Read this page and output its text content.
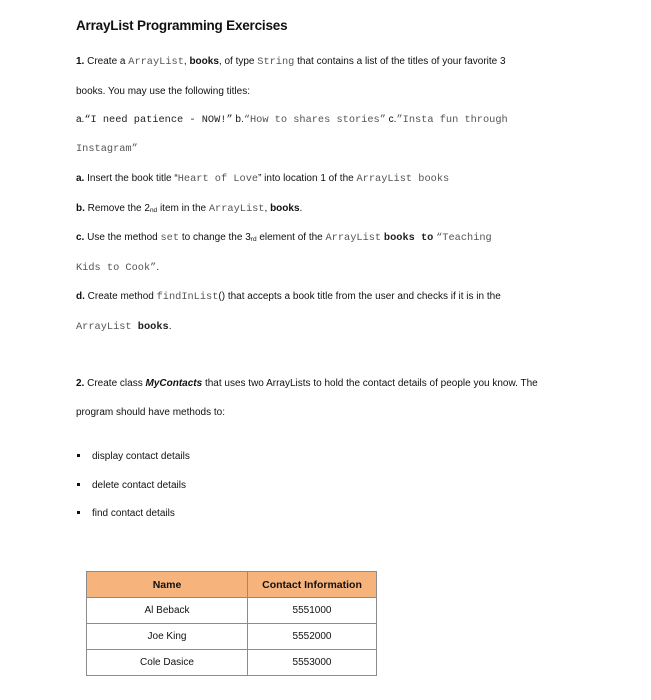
ArrayList Programming Exercises
1. Create a ArrayList, books, of type String that contains a list of the titles of your favorite 3
books. You may use the following titles:
a.“I need patience - NOW!” b.“How to shares stories” c.”Insta fun through
Instagram”
a. Insert the book title “Heart of Love” into location 1 of the ArrayList books
b. Remove the 2nd item in the ArrayList, books.
c. Use the method set to change the 3rd element of the ArrayList books to “Teaching
Kids to Cook”.
d. Create method findInList() that accepts a book title from the user and checks if it is in the
ArrayList books.
2. Create class MyContacts that uses two ArrayLists to hold the contact details of people you know. The
program should have methods to:
display contact details
delete contact details
find contact details
Name	Contact Information
Al Beback	5551000
Joe King	5552000
Cole Dasice	5553000
